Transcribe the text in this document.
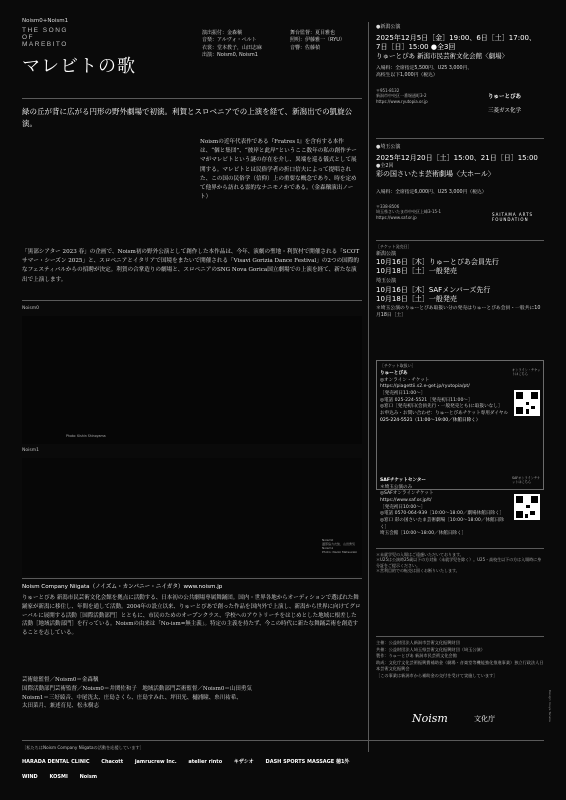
Noism0+Noism1
THE SONG OF MAREBITO
マレビトの歌
演出振付：金森穣
音楽：アルヴォ・ペルト
衣裳：堂本教子，山田志麻
出演：Noism0, Noism1
舞台監督：夏目雅也
照明：伊藤雅一（RYU）
音響：佐藤楨
緑の丘が背に広がる円形の野外劇場で初演。利賀とスロベニアでの上演を経て、新潟出での凱旋公演。
Noismの近年代表作である『Fratres I』を含有する本作は、“個と集団”、“彼岸と此岸”というここ数年の私の創作テーマがマレビトという謎の存在を介し、異端を巡る儀式として展開する。マレビトとは民俗学者の折口信夫によって提唱された、この国の民俗学（信仰）上の重要な概念であり、時を定めて他界から訪れる霊的なナニモノかである。（金森穣演出ノート）
「黒部シアター 2023 春」の企画で、Noism初の野外公演として創作した本作品は、今年、演劇の聖地・利賀村で開催される「SCOTサマー・シーズン 2025」と、スロベニアとイタリアで国境をまたいで開催される「Visavi Gorizia Dance Festival」の2つの国際的なフェスティバルからの招聘が決定。利賀の合掌造りの劇場と、スロベニアのSNG Nova Gorica国立劇場での上演を経て、新たな演出で上演します。
Noism0
Photo: Kishin Shinoyama
Noism1
Noism0
頭部協力衣装、山田勇気
Noism1
Photo: Naoki Matsuzaki
Noism Company Niigata（ノイズム・カンパニー・ニイガタ）www.noism.jp
りゅーとぴあ 新潟市民芸術文化会館を拠点に活動する、日本初の公共劇場専属舞踊団。国内・世界各地からオーディションで選ばれた舞踊家が新潟に移住し、年間を通して活動。2004年の設立以来、りゅーとぴあで創った作品を国内外で上演し、新潟から世界に向けてグローバルに展開する活動［国際活動部門］とともに、市民のためのオープンクラス、学校へのアウトリーチをはじめとした地域に根差した活動［地域活動部門］を行っている。Noismの由来は「No-ism=無主義」。特定の主義を持たず、今この時代に新たな舞踊芸術を創造することを志している。
芸術総監督／Noism0＝金森穣
国際活動部門芸術監督／Noism0＝井関佐和子　地域活動部門芸術監督／Noism0＝山田勇気
Noism1＝三好綾音、中尾洸太、庄島さくら、庄島すみれ、坪田光、樋浦瞳、糸川祐希、
太田菜月、兼述育見、松永樹志
［私たちはNoism Company Niigataの活動を応援しています］
HARADA DENTAL CLINIC Chacott jamrucrew Inc. atelier rinto キザシオ DASH SPORTS MASSAGE 徳1外
WIND KOSMI Noism
●新潟公演
2025年12月5日［金］19:00、6日［土］17:00、
7日［日］15:00 ●全3回
りゅーとぴあ 新潟市民芸術文化会館〈劇場〉
入場料：全席指定5,500円、U25 3,000円、
高校生以下1,000円（税込）
〒951-8132
新潟市中央区一番堀通町3-2
https://www.ryutopia.or.jp
りゅーとぴあ
三菱ガス化学
●埼玉公演
2025年12月20日［土］15:00、21日［日］15:00
●全2回
彩の国さいたま芸術劇場〈大ホール〉
入場料：全席指定6,000円、U25 3,000円（税込）
〒338-8506
埼玉県さいたま市中央区上峰3-15-1
https://www.saf.or.jp
SAITAMA ARTS FOUNDATION
［チケット発売日］
新潟公演
10月16日［木］りゅーとぴあ会員先行
10月18日［土］一般発売
埼玉公演
10月16日［木］SAFメンバーズ先行
10月18日［土］一般発売
＊埼玉公演のりゅーとぴあ取扱い分の発売はりゅーとぴあ会員・一般共に10月18日［土］
［チケット取扱い］
りゅーとぴあ
◎オンライン・チケット
https://piagettii.s2.e-get.jp/ryutopia/pt/
［発売初日11:00〜］
◎電話 025-224-5521［発売初日11:00〜］
◎窓口［発売初日(会員先行・一般発売とも)に取扱いなし］
お申込み・お問い合わせ：りゅーとぴあチケット専用ダイヤル
025-224-5521（11:00〜19:00／休館日除く）
オンライン・チケットはこちら
SAFチケットセンター
＊埼玉公演のみ
◎SAFオンラインチケット
https://www.saf.or.jp/t/
［発売初日10:00〜］
◎電話 0570-064-939［10:00〜18:00／劇場休館日除く］
◎窓口 彩の国さいたま芸術劇場［10:00〜18:00／休館日除く］
埼玉会館［10:00〜18:00／休館日除く］
SAFオンラインチケットはこちら
＊未就学児の入場はご遠慮いただいております。
＊U25は公演時25歳以下の方対象（未就学児を除く）。U25・高校生以下の方は入場時に身分証をご提示ください。
＊営利目的での転売は固くお断りいたします。
主催：公益財団法人新潟市芸術文化振興財団
共催：公益財団法人埼玉県芸術文化振興財団（埼玉公演）
製作：りゅーとぴあ 新潟市民芸術文化会館
助成：文化庁文化芸術振興費補助金（劇場・音楽堂等機能強化推進事業）独立行政法人日本芸術文化振興会
［この事業は新潟市から補助金の交付を受けて実施しています］
Noism	文化庁	Design: Ikuya Tanaka
